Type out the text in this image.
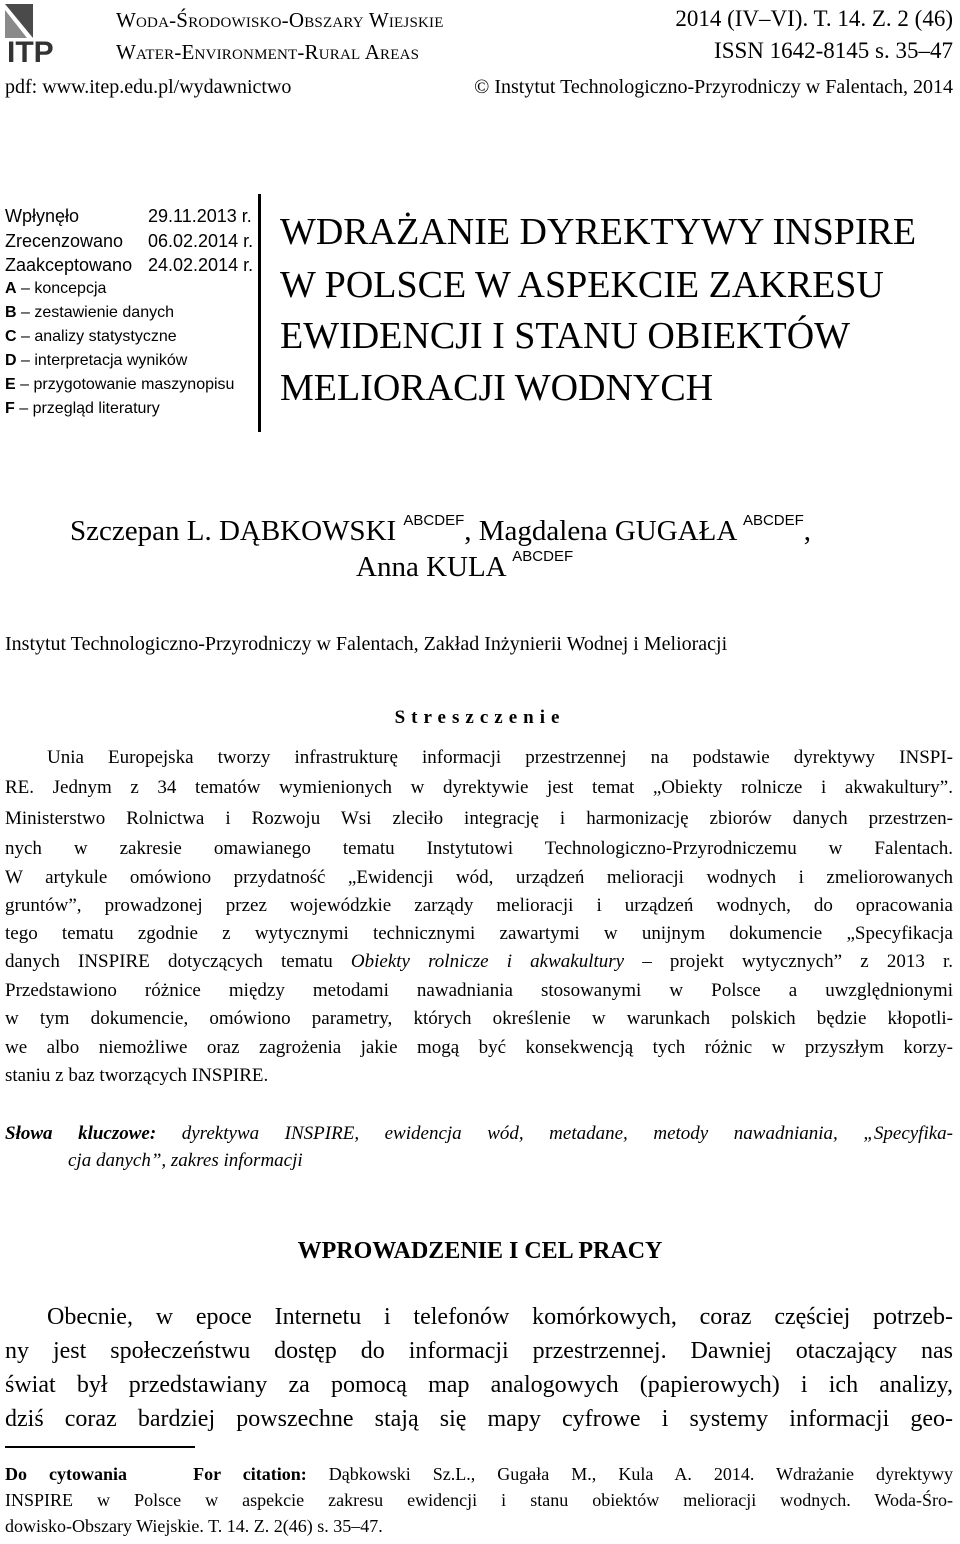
ITP
Woda-Środowisko-Obszary Wiejskie
Water-Environment-Rural Areas
2014 (IV–VI). T. 14. Z. 2 (46)
ISSN 1642-8145 s. 35–47
pdf: www.itep.edu.pl/wydawnictwo	© Instytut Technologiczno-Przyrodniczy w Falentach, 2014
Wpłynęło	29.11.2013 r.
Zrecenzowano 06.02.2014 r.
Zaakceptowano 24.02.2014 r.
A – koncepcja
B – zestawienie danych
C – analizy statystyczne
D – interpretacja wyników
E – przygotowanie maszynopisu
F – przegląd literatury
WDRAŻANIE DYREKTYWY INSPIRE
W POLSCE W ASPEKCIE ZAKRESU
EWIDENCJI I STANU OBIEKTÓW
MELIORACJI WODNYCH
Szczepan L. DĄBKOWSKI $^{ABCDEF}$, Magdalena GUGAŁA $^{ABCDEF}$,
Anna KULA $^{ABCDEF}$
Instytut Technologiczno-Przyrodniczy w Falentach, Zakład Inżynierii Wodnej i Melioracji
Streszczenie
Unia Europejska tworzy infrastrukturę informacji przestrzennej na podstawie dyrektywy INSPI-
RE. Jednym z 34 tematów wymienionych w dyrektywie jest temat „Obiekty rolnicze i akwakultury”.
Ministerstwo Rolnictwa i Rozwoju Wsi zleciło integrację i harmonizację zbiorów danych przestrzen-
nych w zakresie omawianego tematu Instytutowi Technologiczno-Przyrodniczemu w Falentach.
W artykule omówiono przydatność „Ewidencji wód, urządzeń melioracji wodnych i zmeliorowanych
gruntów”, prowadzonej przez wojewódzkie zarządy melioracji i urządzeń wodnych, do opracowania
tego tematu zgodnie z wytycznymi technicznymi zawartymi w unijnym dokumencie „Specyfikacja
danych INSPIRE dotyczących tematu Obiekty rolnicze i akwakultury – projekt wytycznych” z 2013 r.
Przedstawiono różnice między metodami nawadniania stosowanymi w Polsce a uwzględnionymi
w tym dokumencie, omówiono parametry, których określenie w warunkach polskich będzie kłopotli-
we albo niemożliwe oraz zagrożenia jakie mogą być konsekwencją tych różnic w przyszłym korzy-
staniu z baz tworzących INSPIRE.
Słowa kluczowe: dyrektywa INSPIRE, ewidencja wód, metadane, metody nawadniania, „Specyfika-
cja danych”, zakres informacji
WPROWADZENIE I CEL PRACY
Obecnie, w epoce Internetu i telefonów komórkowych, coraz częściej potrzeb-
ny jest społeczeństwu dostęp do informacji przestrzennej. Dawniej otaczający nas
świat był przedstawiany za pomocą map analogowych (papierowych) i ich analizy,
dziś coraz bardziej powszechne stają się mapy cyfrowe i systemy informacji geo-
Do cytowania   For citation: Dąbkowski Sz.L., Gugała M., Kula A. 2014. Wdrażanie dyrektywy
INSPIRE w Polsce w aspekcie zakresu ewidencji i stanu obiektów melioracji wodnych. Woda-Śro-
dowisko-Obszary Wiejskie. T. 14. Z. 2(46) s. 35–47.
